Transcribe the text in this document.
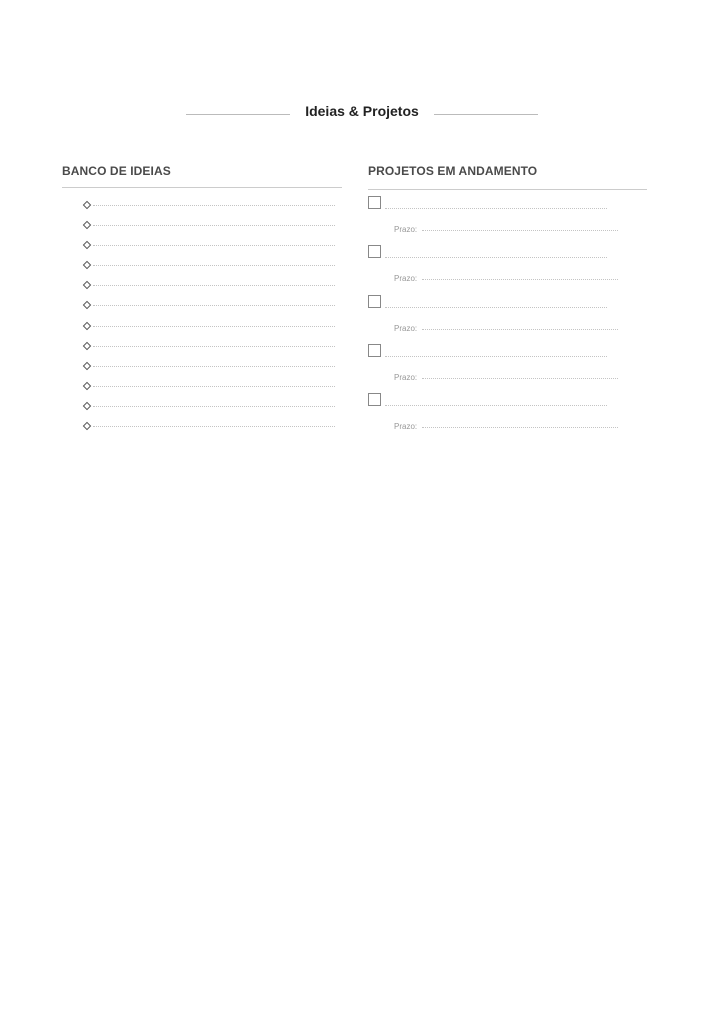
Ideias & Projetos
BANCO DE IDEIAS	PROJETOS EM ANDAMENTO
Prazo:
Prazo:
Prazo:
Prazo:
Prazo:
